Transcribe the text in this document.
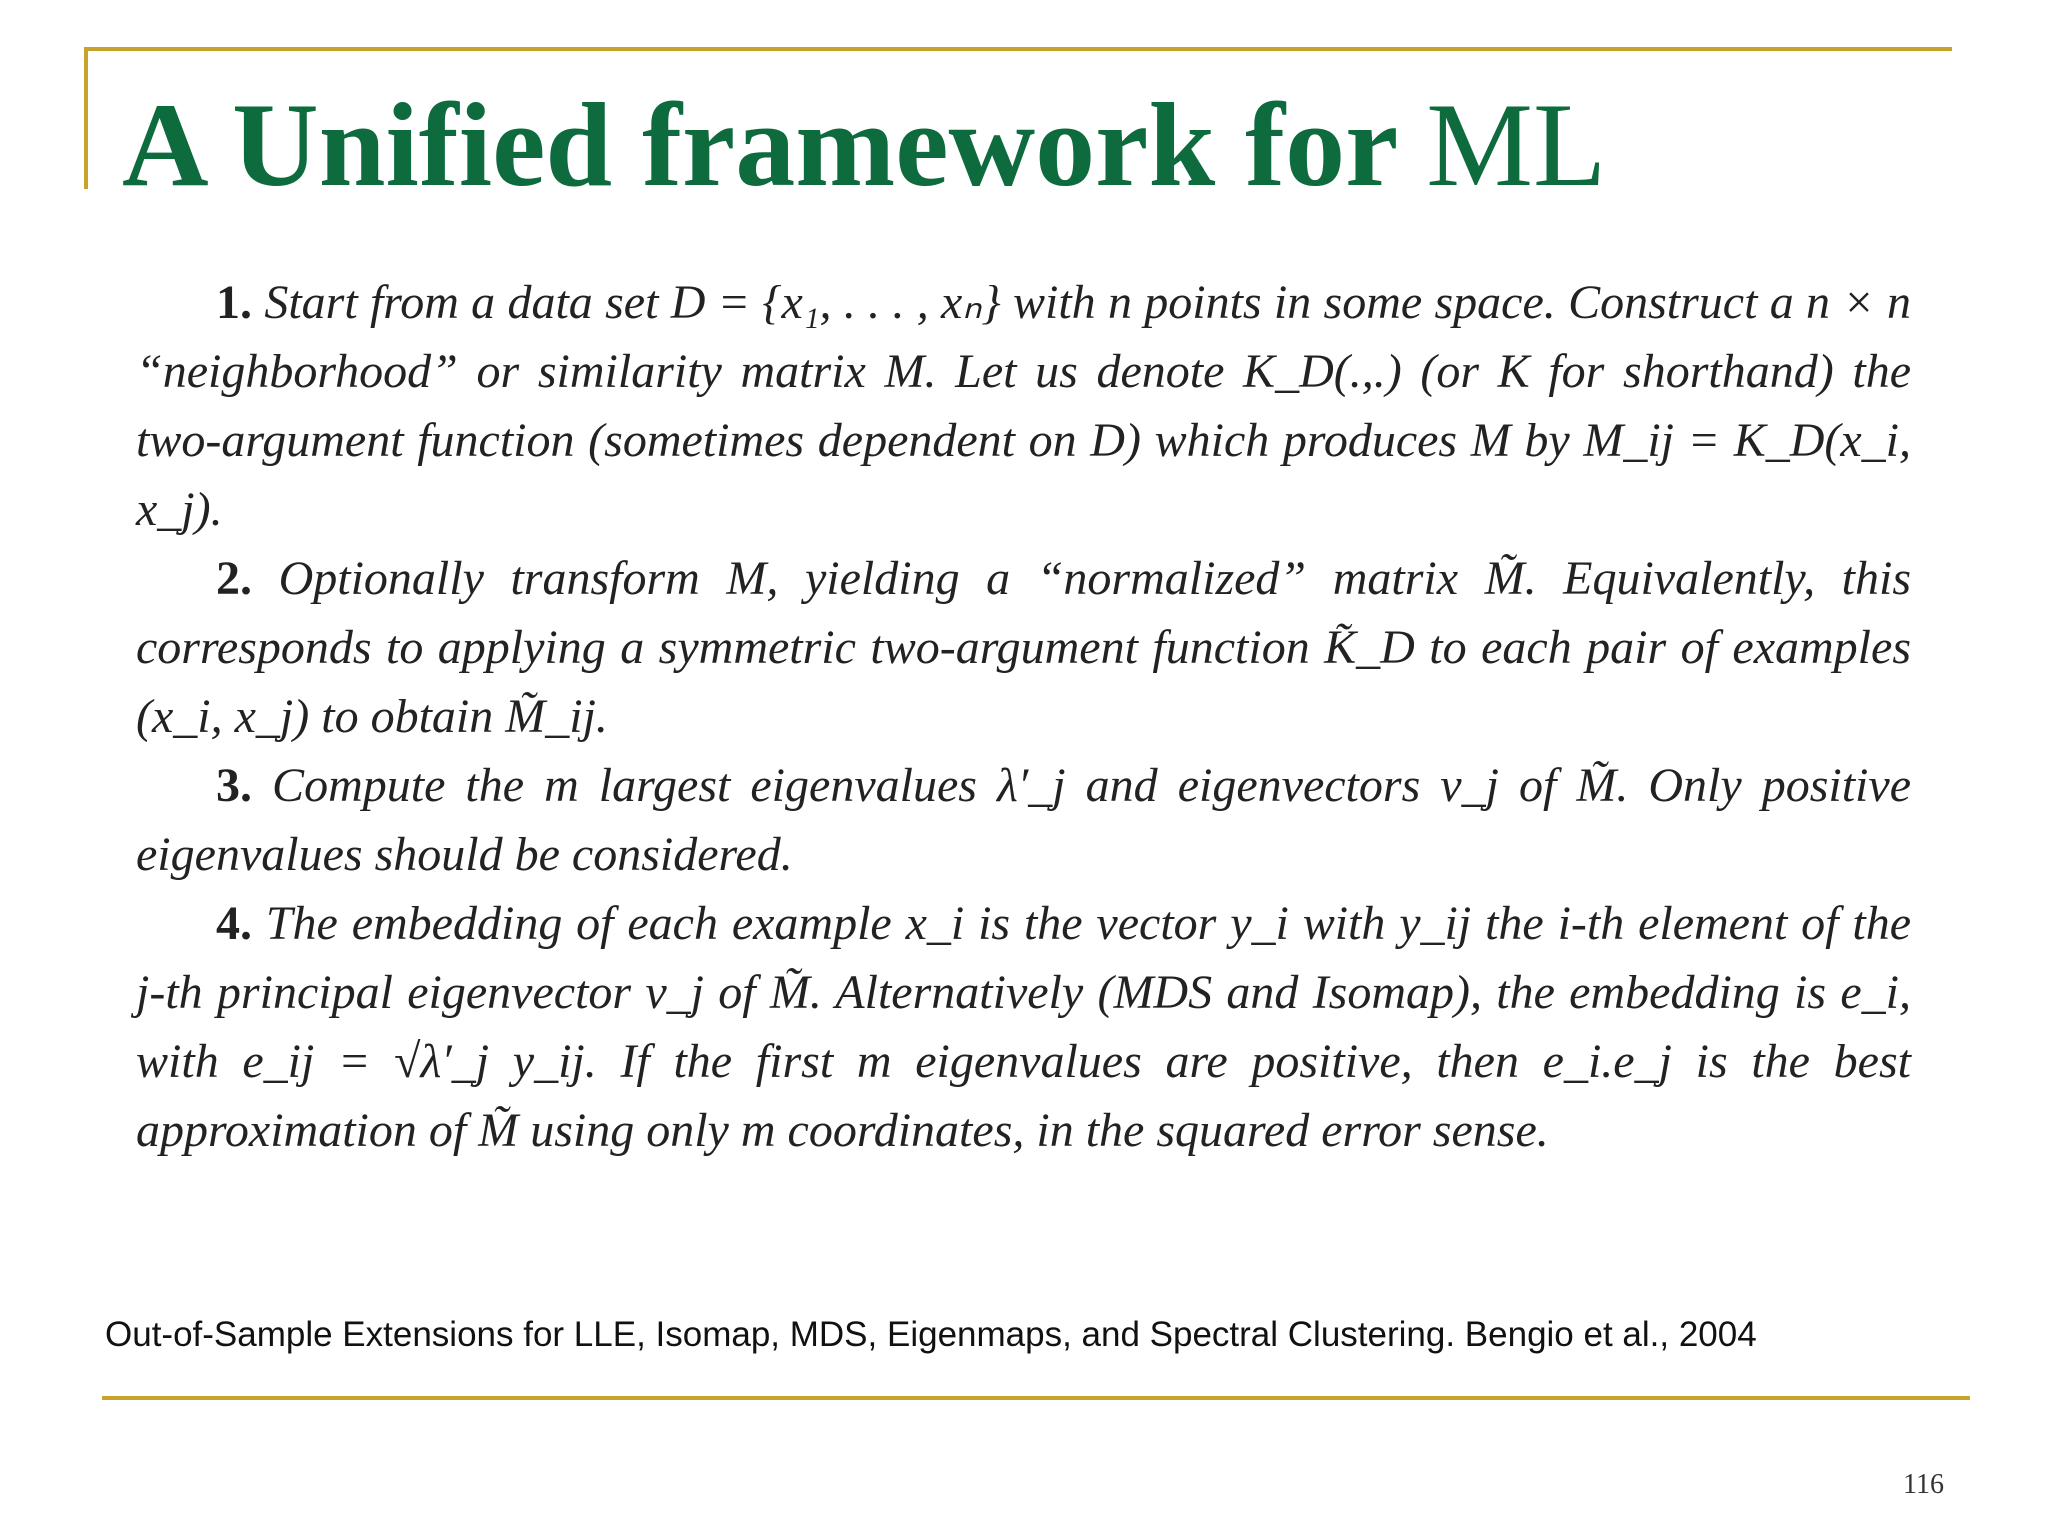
A Unified framework for ML

1. Start from a data set D = {x₁, . . . , xₙ} with n points in some space. Construct a n × n “neighborhood” or similarity matrix M. Let us denote K_D(.,.) (or K for shorthand) the two-argument function (sometimes dependent on D) which produces M by M_ij = K_D(x_i, x_j).

2. Optionally transform M, yielding a “normalized” matrix M̃. Equivalently, this corresponds to applying a symmetric two-argument function K̃_D to each pair of examples (x_i, x_j) to obtain M̃_ij.

3. Compute the m largest eigenvalues λ′_j and eigenvectors v_j of M̃. Only positive eigenvalues should be considered.

4. The embedding of each example x_i is the vector y_i with y_ij the i-th element of the j-th principal eigenvector v_j of M̃. Alternatively (MDS and Isomap), the embedding is e_i, with e_ij = √λ′_j y_ij. If the first m eigenvalues are positive, then e_i.e_j is the best approximation of M̃ using only m coordinates, in the squared error sense.

Out-of-Sample Extensions for LLE, Isomap, MDS, Eigenmaps, and Spectral Clustering. Bengio et al., 2004
116
